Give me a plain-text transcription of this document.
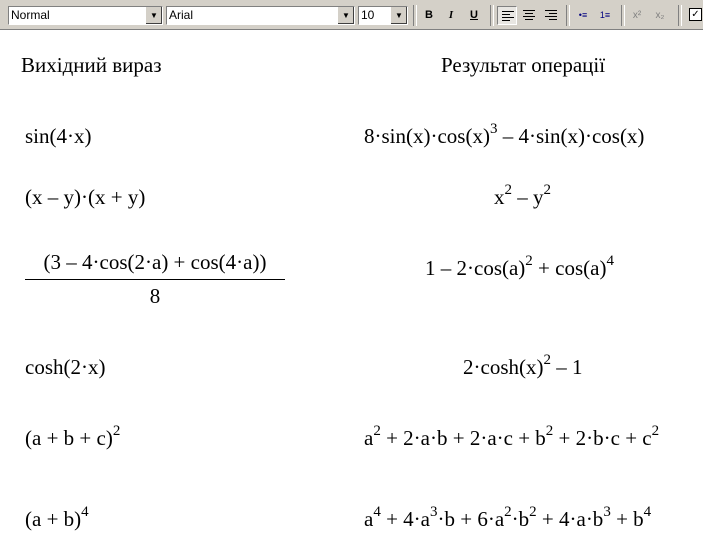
Normal	▼ Arial	▼ 10	▼	B	I	U	•≡	1≡	x²	x₂	✓
Вихідний вираз	Результат операції
sin(4·x)	$8\cdot\sin(x)\cdot\cos(x)^3 - 4\cdot\sin(x)\cdot\cos(x)$
(x – y)·(x + y)	$x^2 - y^2$
$\frac{(3 - 4\cdot\cos(2\cdot a) + \cos(4\cdot a))}{8}$	$1 - 2\cdot\cos(a)^2 + \cos(a)^4$
cosh(2·x)	$2\cdot\cosh(x)^2 - 1$
$(a + b + c)^2$	$a^2 + 2\cdot a\cdot b + 2\cdot a\cdot c + b^2 + 2\cdot b\cdot c + c^2$
$(a + b)^4$	$a^4 + 4\cdot a^3\cdot b + 6\cdot a^2\cdot b^2 + 4\cdot a\cdot b^3 + b^4$
